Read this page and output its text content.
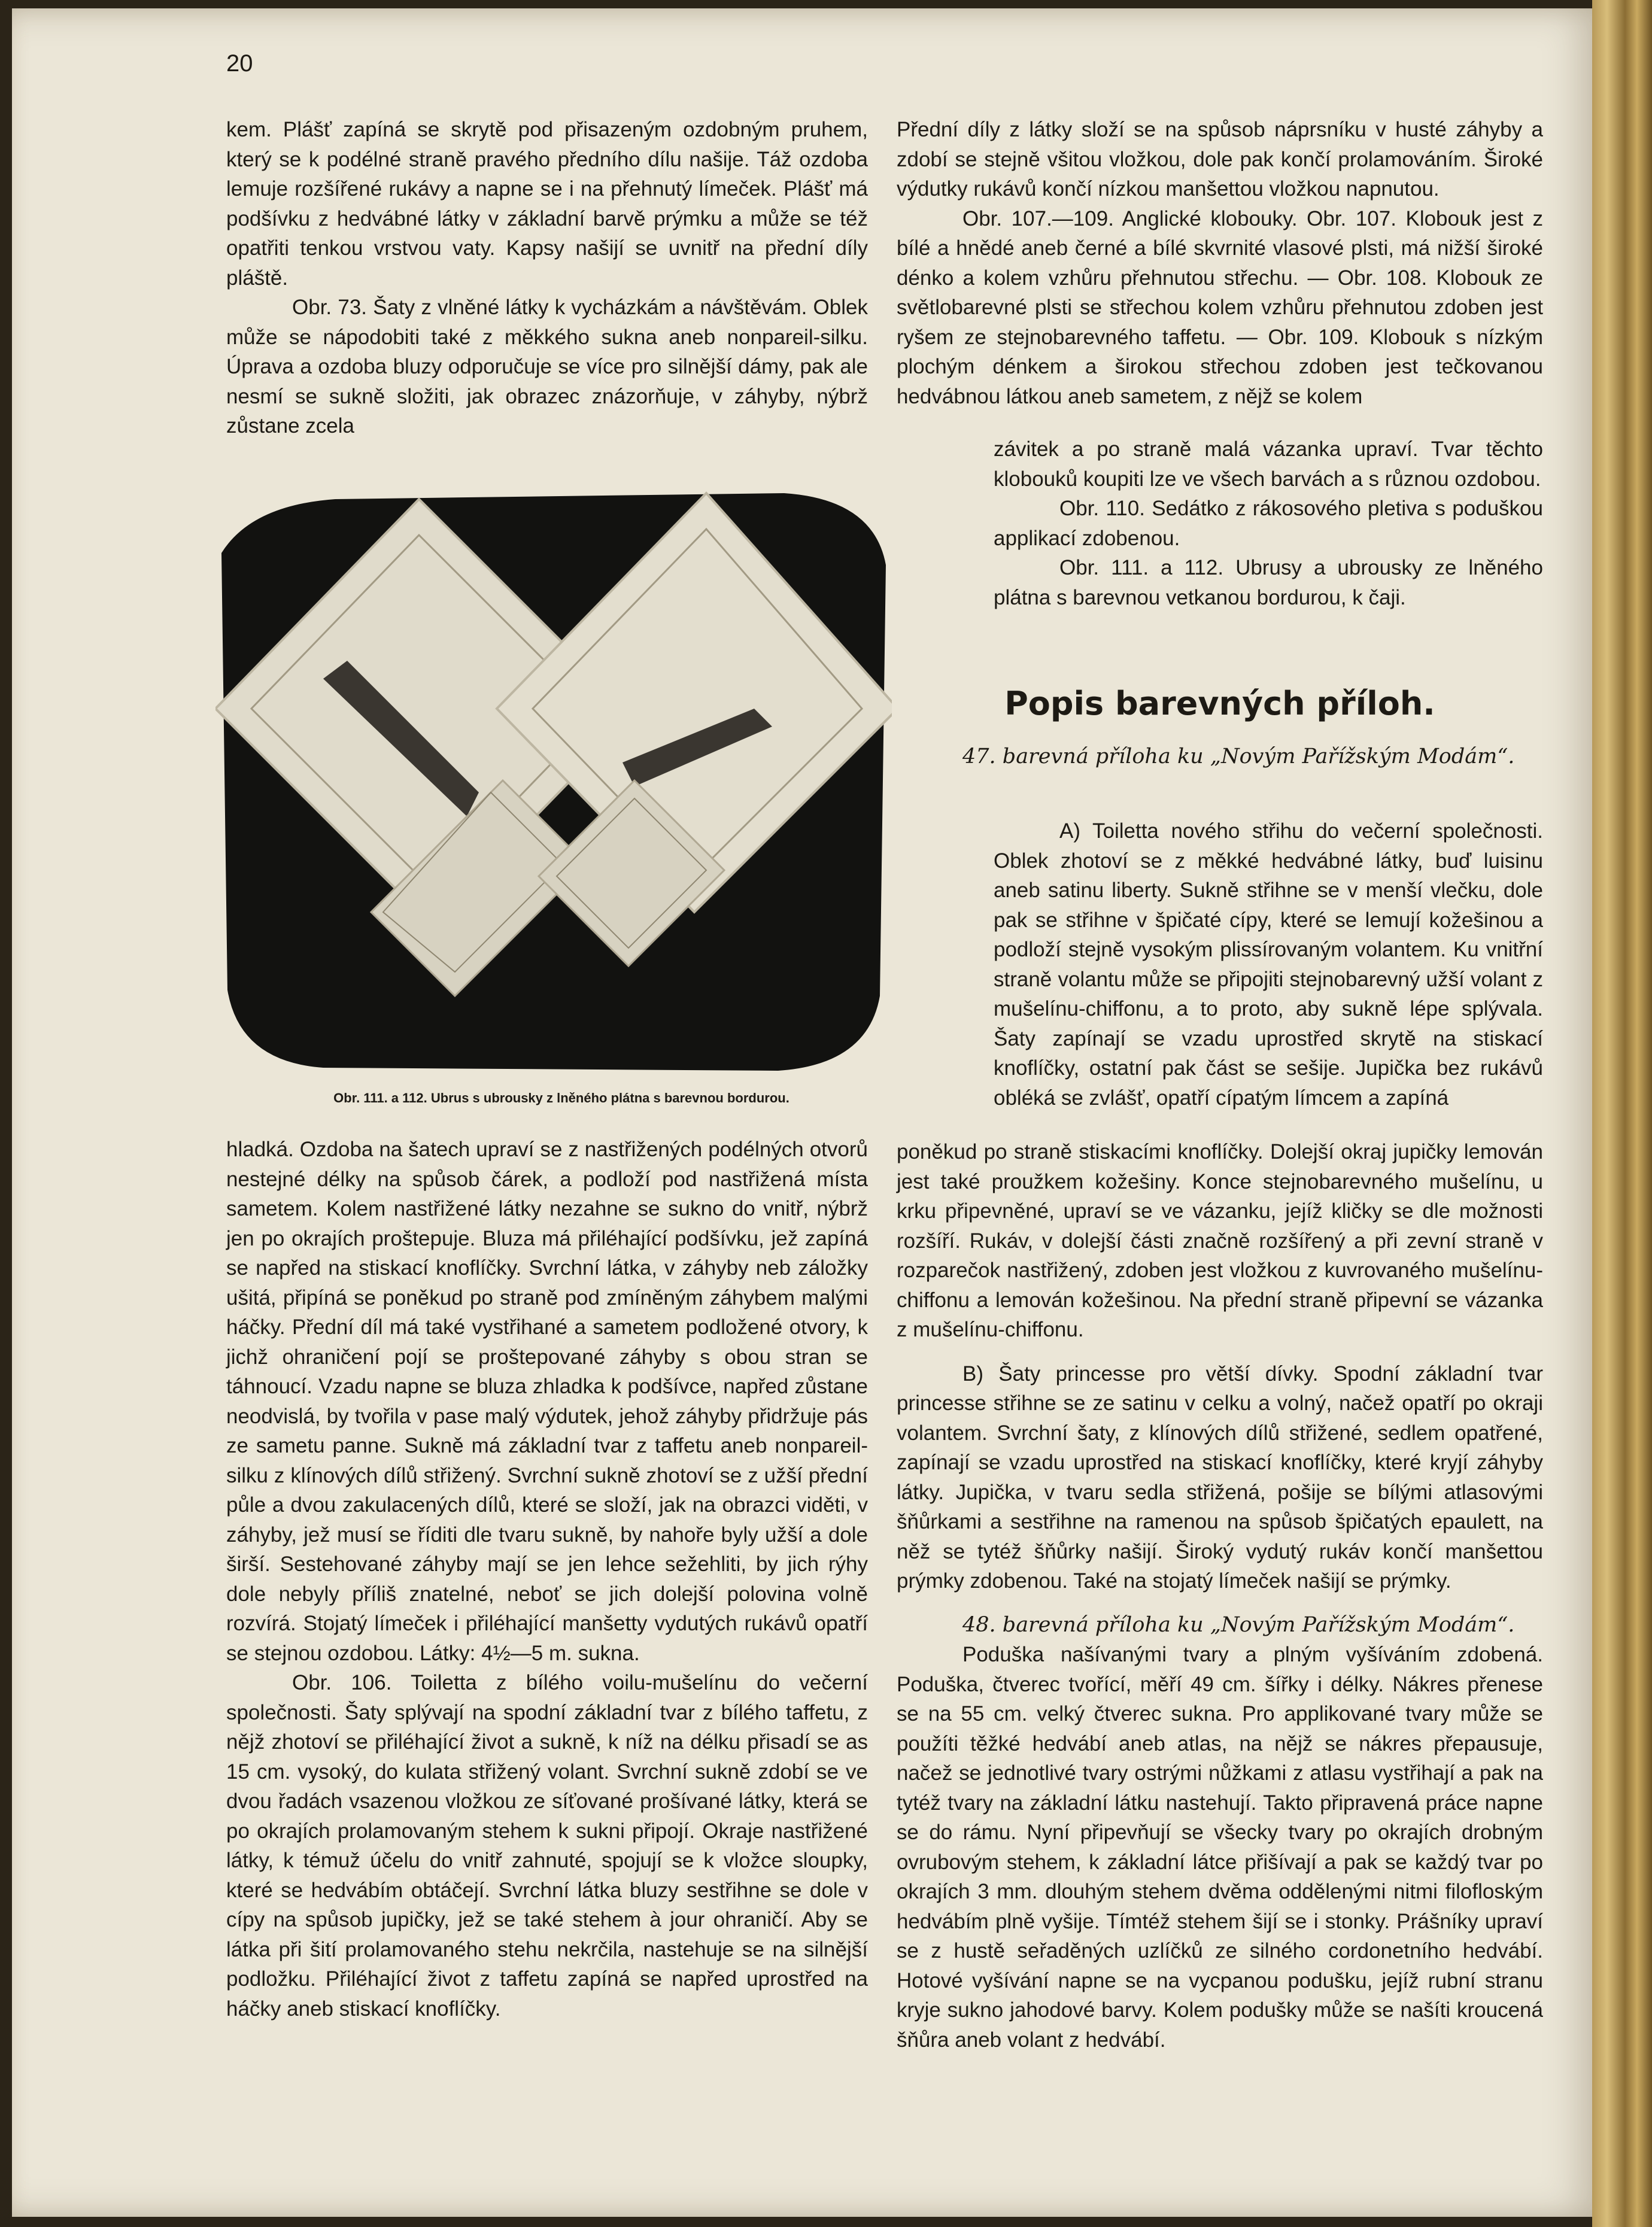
20

kem. Plášť zapíná se skrytě pod přisazeným ozdobným pruhem, který se k podélné straně pravého předního dílu našije. Táž ozdoba lemuje rozšířené rukávy a napne se i na přehnutý límeček. Plášť má podšívku z hedvábné látky v základní barvě prýmku a může se též opatřiti tenkou vrstvou vaty. Kapsy našijí se uvnitř na přední díly pláště.

Obr. 73. Šaty z vlněné látky k vycházkám a návštěvám. Oblek může se nápodobiti také z měkkého sukna aneb nonpareil-silku. Úprava a ozdoba bluzy odporučuje se více pro silnější dámy, pak ale nesmí se sukně složiti, jak obrazec znázorňuje, v záhyby, nýbrž zůstane zcela

Obr. 111. a 112. Ubrus s ubrousky z lněného plátna s barevnou bordurou.

hladká. Ozdoba na šatech upraví se z nastřižených podélných otvorů nestejné délky na spůsob čárek, a podloží pod nastřižená místa sametem. Kolem nastřižené látky nezahne se sukno do vnitř, nýbrž jen po okrajích proštepuje. Bluza má přiléhající podšívku, jež zapíná se napřed na stiskací knoflíčky. Svrchní látka, v záhyby neb záložky ušitá, připíná se poněkud po straně pod zmíněným záhybem malými háčky. Přední díl má také vystřihané a sametem podložené otvory, k jichž ohraničení pojí se proštepované záhyby s obou stran se táhnoucí. Vzadu napne se bluza zhladka k podšívce, napřed zůstane neodvislá, by tvořila v pase malý výdutek, jehož záhyby přidržuje pás ze sametu panne. Sukně má základní tvar z taffetu aneb nonpareil-silku z klínových dílů střižený. Svrchní sukně zhotoví se z užší přední půle a dvou zakulacených dílů, které se složí, jak na obrazci viděti, v záhyby, jež musí se říditi dle tvaru sukně, by nahoře byly užší a dole širší. Sestehované záhyby mají se jen lehce sežehliti, by jich rýhy dole nebyly příliš znatelné, neboť se jich dolejší polovina volně rozvírá. Stojatý límeček i přiléhající manšetty vydutých rukávů opatří se stejnou ozdobou. Látky: 4½—5 m. sukna.

Obr. 106. Toiletta z bílého voilu-mušelínu do večerní společnosti. Šaty splývají na spodní základní tvar z bílého taffetu, z nějž zhotoví se přiléhající život a sukně, k níž na délku přisadí se as 15 cm. vysoký, do kulata střižený volant. Svrchní sukně zdobí se ve dvou řadách vsazenou vložkou ze síťované prošívané látky, která se po okrajích prolamovaným stehem k sukni připojí. Okraje nastřižené látky, k témuž účelu do vnitř zahnuté, spojují se k vložce sloupky, které se hedvábím obtáčejí. Svrchní látka bluzy sestřihne se dole v cípy na spůsob jupičky, jež se také stehem à jour ohraničí. Aby se látka při šití prolamovaného stehu nekrčila, nastehuje se na silnější podložku. Přiléhající život z taffetu zapíná se napřed uprostřed na háčky aneb stiskací knoflíčky.

Přední díly z látky složí se na spůsob náprsníku v husté záhyby a zdobí se stejně všitou vložkou, dole pak končí prolamováním. Široké výdutky rukávů končí nízkou manšettou vložkou napnutou.

Obr. 107.—109. Anglické klobouky. Obr. 107. Klobouk jest z bílé a hnědé aneb černé a bílé skvrnité vlasové plsti, má nižší široké dénko a kolem vzhůru přehnutou střechu. — Obr. 108. Klobouk ze světlobarevné plsti se střechou kolem vzhůru přehnutou zdoben jest ryšem ze stejnobarevného taffetu. — Obr. 109. Klobouk s nízkým plochým dénkem a širokou střechou zdoben jest tečkovanou hedvábnou látkou aneb sametem, z nějž se kolem

závitek a po straně malá vázanka upraví. Tvar těchto klobouků koupiti lze ve všech barvách a s různou ozdobou.

Obr. 110. Sedátko z rákosového pletiva s poduškou applikací zdobenou.

Obr. 111. a 112. Ubrusy a ubrousky ze lněného plátna s barevnou vetkanou bordurou, k čaji.

Popis barevných příloh.

47. barevná příloha ku „Novým Pařížským Modám“.

A) Toiletta nového střihu do večerní společnosti. Oblek zhotoví se z měkké hedvábné látky, buď luisinu aneb satinu liberty. Sukně střihne se v menší vlečku, dole pak se střihne v špičaté cípy, které se lemují kožešinou a podloží stejně vysokým plissírovaným volantem. Ku vnitřní straně volantu může se připojiti stejnobarevný užší volant z mušelínu-chiffonu, a to proto, aby sukně lépe splývala. Šaty zapínají se vzadu uprostřed skrytě na stiskací knoflíčky, ostatní pak část se sešije. Jupička bez rukávů obléká se zvlášť, opatří cípatým límcem a zapíná

poněkud po straně stiskacími knoflíčky. Dolejší okraj jupičky lemován jest také proužkem kožešiny. Konce stejnobarevného mušelínu, u krku připevněné, upraví se ve vázanku, jejíž kličky se dle možnosti rozšíří. Rukáv, v dolejší části značně rozšířený a při zevní straně v rozparečok nastřižený, zdoben jest vložkou z kuvrovaného mušelínu-chiffonu a lemován kožešinou. Na přední straně připevní se vázanka z mušelínu-chiffonu.

B) Šaty princesse pro větší dívky. Spodní základní tvar princesse střihne se ze satinu v celku a volný, načež opatří po okraji volantem. Svrchní šaty, z klínových dílů střižené, sedlem opatřené, zapínají se vzadu uprostřed na stiskací knoflíčky, které kryjí záhyby látky. Jupička, v tvaru sedla střižená, pošije se bílými atlasovými šňůrkami a sestřihne na ramenou na spůsob špičatých epaulett, na něž se tytéž šňůrky našijí. Široký vydutý rukáv končí manšettou prýmky zdobenou. Také na stojatý límeček našijí se prýmky.

48. barevná příloha ku „Novým Pařížským Modám“.

Poduška našívanými tvary a plným vyšíváním zdobená. Poduška, čtverec tvořící, měří 49 cm. šířky i délky. Nákres přenese se na 55 cm. velký čtverec sukna. Pro applikované tvary může se použíti těžké hedvábí aneb atlas, na nějž se nákres přepausuje, načež se jednotlivé tvary ostrými nůžkami z atlasu vystřihají a pak na tytéž tvary na základní látku nastehují. Takto připravená práce napne se do rámu. Nyní připevňují se všecky tvary po okrajích drobným ovrubovým stehem, k základní látce přišívají a pak se každý tvar po okrajích 3 mm. dlouhým stehem dvěma oddělenými nitmi filofloským hedvábím plně vyšije. Tímtéž stehem šijí se i stonky. Prášníky upraví se z hustě seřaděných uzlíčků ze silného cordonetního hedvábí. Hotové vyšívání napne se na vycpanou podušku, jejíž rubní stranu kryje sukno jahodové barvy. Kolem podušky může se našíti kroucená šňůra aneb volant z hedvábí.
